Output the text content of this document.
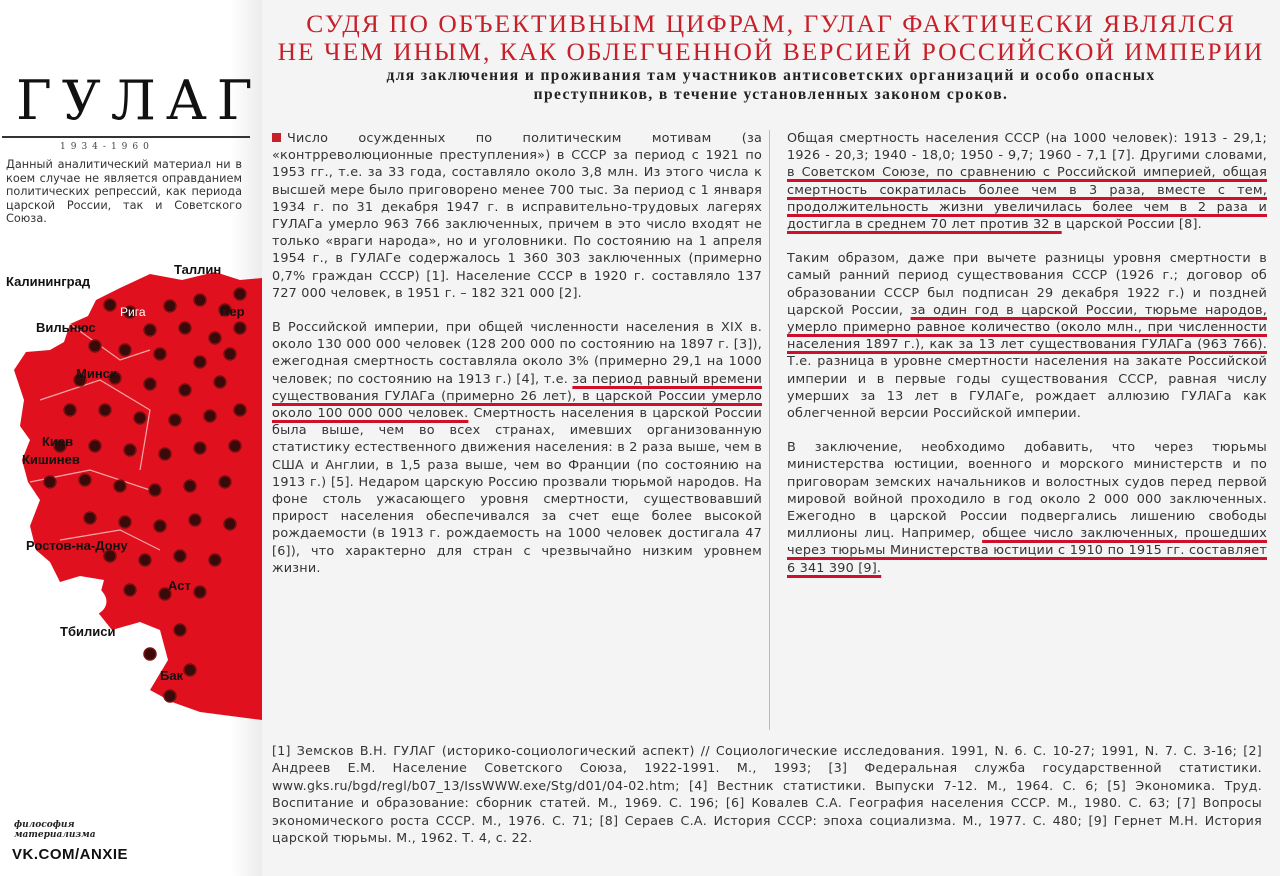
ГУЛАГ
1934-1960
Данный аналитический материал ни в коем случае не является оправданием политических репрессий, как периода царской России, так и Советского Союза.
Калининград
Таллин
Вильнюс
Рига	Пер
Минск
Киев
Кишинев
Ростов-на-Дону
Аст
Тбилиси
Бак
философия
материализма
VK.COM/ANXIE
СУДЯ ПО ОБЪЕКТИВНЫМ ЦИФРАМ, ГУЛАГ ФАКТИЧЕСКИ ЯВЛЯЛСЯ
НЕ ЧЕМ ИНЫМ, КАК ОБЛЕГЧЕННОЙ ВЕРСИЕЙ РОССИЙСКОЙ ИМПЕРИИ
для заключения и проживания там участников антисоветских организаций и особо опасных
преступников, в течение установленных законом сроков.

Число осужденных по политическим мотивам (за «контрреволюционные преступления») в СССР за период с 1921 по 1953 гг., т.е. за 33 года, составляло около 3,8 млн. Из этого числа к высшей мере было приговорено менее 700 тыс. За период с 1 января 1934 г. по 31 декабря 1947 г. в исправительно-трудовых лагерях ГУЛАГа умерло 963 766 заключенных, причем в это число входят не только «враги народа», но и уголовники. По состоянию на 1 апреля 1954 г., в ГУЛАГе содержалось 1 360 303 заключенных (примерно 0,7% граждан СССР) [1]. Население СССР в 1920 г. составляло 137 727 000 человек, в 1951 г. – 182 321 000 [2].

В Российской империи, при общей численности населения в XIX в. около 130 000 000 человек (128 200 000 по состоянию на 1897 г. [3]), ежегодная смертность составляла около 3% (примерно 29,1 на 1000 человек; по состоянию на 1913 г.) [4], т.е. за период равный времени существования ГУЛАГа (примерно 26 лет), в царской России умерло около 100 000 000 человек. Смертность населения в царской России была выше, чем во всех странах, имевших организованную статистику естественного движения населения: в 2 раза выше, чем в США и Англии, в 1,5 раза выше, чем во Франции (по состоянию на 1913 г.) [5]. Недаром царскую Россию прозвали тюрьмой народов. На фоне столь ужасающего уровня смертности, существовавший прирост населения обеспечивался за счет еще более высокой рождаемости (в 1913 г. рождаемость на 1000 человек достигала 47 [6]), что характерно для стран с чрезвычайно низким уровнем жизни.

Общая смертность населения СССР (на 1000 человек): 1913 - 29,1; 1926 - 20,3; 1940 - 18,0; 1950 - 9,7; 1960 - 7,1 [7]. Другими словами, в Советском Союзе, по сравнению с Российской империей, общая смертность сократилась более чем в 3 раза, вместе с тем, продолжительность жизни увеличилась более чем в 2 раза и достигла в среднем 70 лет против 32 в царской России [8].

Таким образом, даже при вычете разницы уровня смертности в самый ранний период существования СССР (1926 г.; договор об образовании СССР был подписан 29 декабря 1922 г.) и поздней царской России, за один год в царской России, тюрьме народов, умерло примерно равное количество (около млн., при численности населения 1897 г.), как за 13 лет существования ГУЛАГа (963 766). Т.е. разница в уровне смертности населения на закате Российской империи и в первые годы существования СССР, равная числу умерших за 13 лет в ГУЛАГе, рождает аллюзию ГУЛАГа как облегченной версии Российской империи.

В заключение, необходимо добавить, что через тюрьмы министерства юстиции, военного и морского министерств и по приговорам земских начальников и волостных судов перед первой мировой войной проходило в год около 2 000 000 заключенных. Ежегодно в царской России подвергались лишению свободы миллионы лиц. Например, общее число заключенных, прошедших через тюрьмы Министерства юстиции с 1910 по 1915 гг. составляет 6 341 390 [9].

[1] Земсков В.Н. ГУЛАГ (историко-социологический аспект) // Социологические исследования. 1991, N. 6. С. 10-27; 1991, N. 7. С. 3-16; [2] Андреев Е.М. Население Советского Союза, 1922-1991. М., 1993; [3] Федеральная служба государственной статистики. www.gks.ru/bgd/regl/b07_13/IssWWW.exe/Stg/d01/04-02.htm; [4] Вестник статистики. Выпуски 7-12. М., 1964. С. 6; [5] Экономика. Труд. Воспитание и образование: сборник статей. М., 1969. С. 196; [6] Ковалев С.А. География населения СССР. М., 1980. С. 63; [7] Вопросы экономического роста СССР. М., 1976. С. 71; [8] Сераев С.А. История СССР: эпоха социализма. М., 1977. С. 480; [9] Гернет М.Н. История царской тюрьмы. М., 1962. Т. 4, с. 22.
